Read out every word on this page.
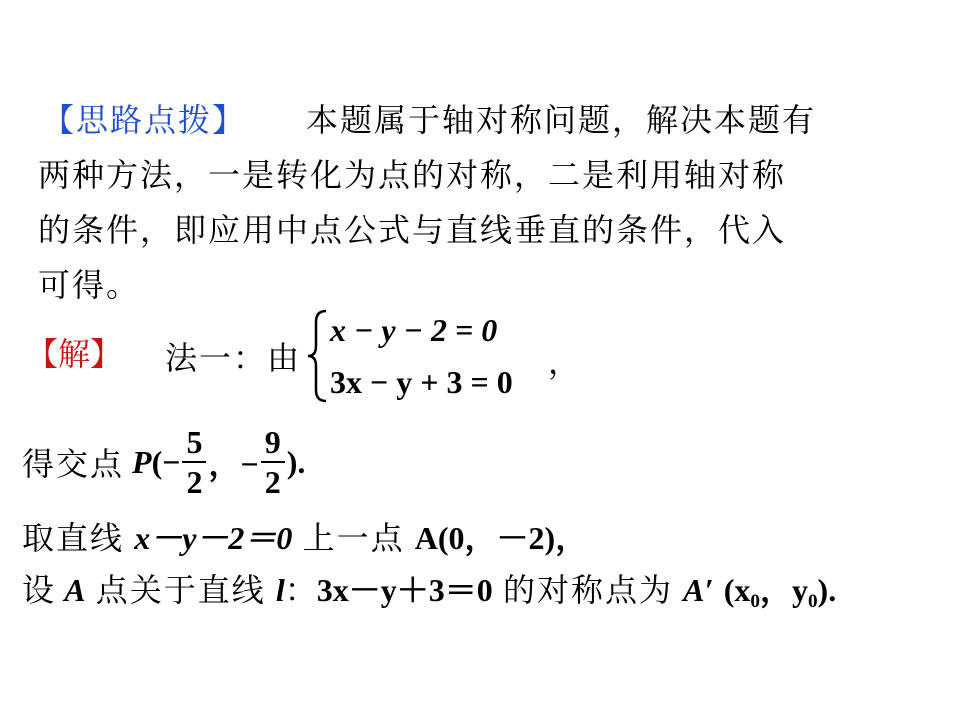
【思路点拨】 本题属于轴对称问题，解决本题有
两种方法，一是转化为点的对称，二是利用轴对称
的条件，即应用中点公式与直线垂直的条件，代入
可得。
【解】 法一：由
x − y − 2 = 0
3x − y + 3 = 0
，
得交点 P (− $\frac{5}{2}$ ，− $\frac{9}{2}$ ).
取直线 x－y－2＝0 上一点 A(0，－2)，
设 A 点关于直线 l：3x－y＋3＝0 的对称点为 A′ ($x_0$，$y_0$).
